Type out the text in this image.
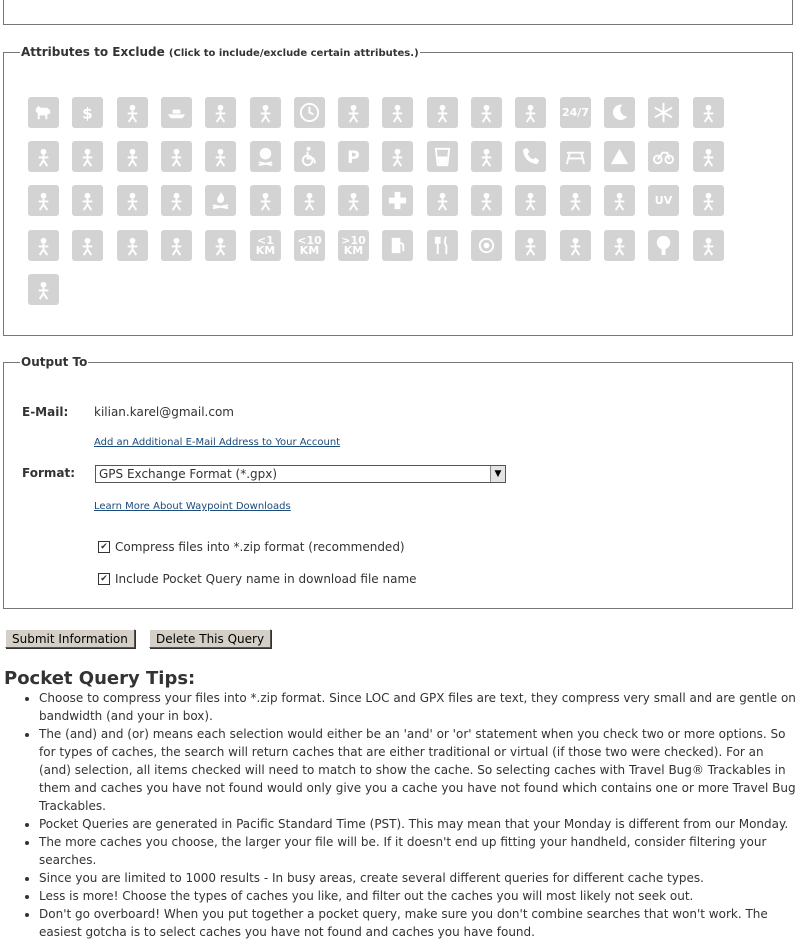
Attributes to Exclude (Click to include/exclude certain attributes.)
$	24/7
P
UV
<1
KM
<10
KM
>10
KM
Output To
E-Mail: kilian.karel@gmail.com
Add an Additional E-Mail Address to Your Account
Format:	GPS Exchange Format (*.gpx)	▼
Learn More About Waypoint Downloads
✔ Compress files into *.zip format (recommended)
✔ Include Pocket Query name in download file name
Submit Information	Delete This Query
Pocket Query Tips:
• Choose to compress your files into *.zip format. Since LOC and GPX files are text, they compress very small and are gentle on bandwidth (and your in box).
• The (and) and (or) means each selection would either be an 'and' or 'or' statement when you check two or more options. So for types of caches, the search will return caches that are either traditional or virtual (if those two were checked). For an (and) selection, all items checked will need to match to show the cache. So selecting caches with Travel Bug® Trackables in them and caches you have not found would only give you a cache you have not found which contains one or more Travel Bug Trackables.
• Pocket Queries are generated in Pacific Standard Time (PST). This may mean that your Monday is different from our Monday.
• The more caches you choose, the larger your file will be. If it doesn't end up fitting your handheld, consider filtering your searches.
• Since you are limited to 1000 results - In busy areas, create several different queries for different cache types.
• Less is more! Choose the types of caches you like, and filter out the caches you will most likely not seek out.
• Don't go overboard! When you put together a pocket query, make sure you don't combine searches that won't work. The easiest gotcha is to select caches you have not found and caches you have found.
